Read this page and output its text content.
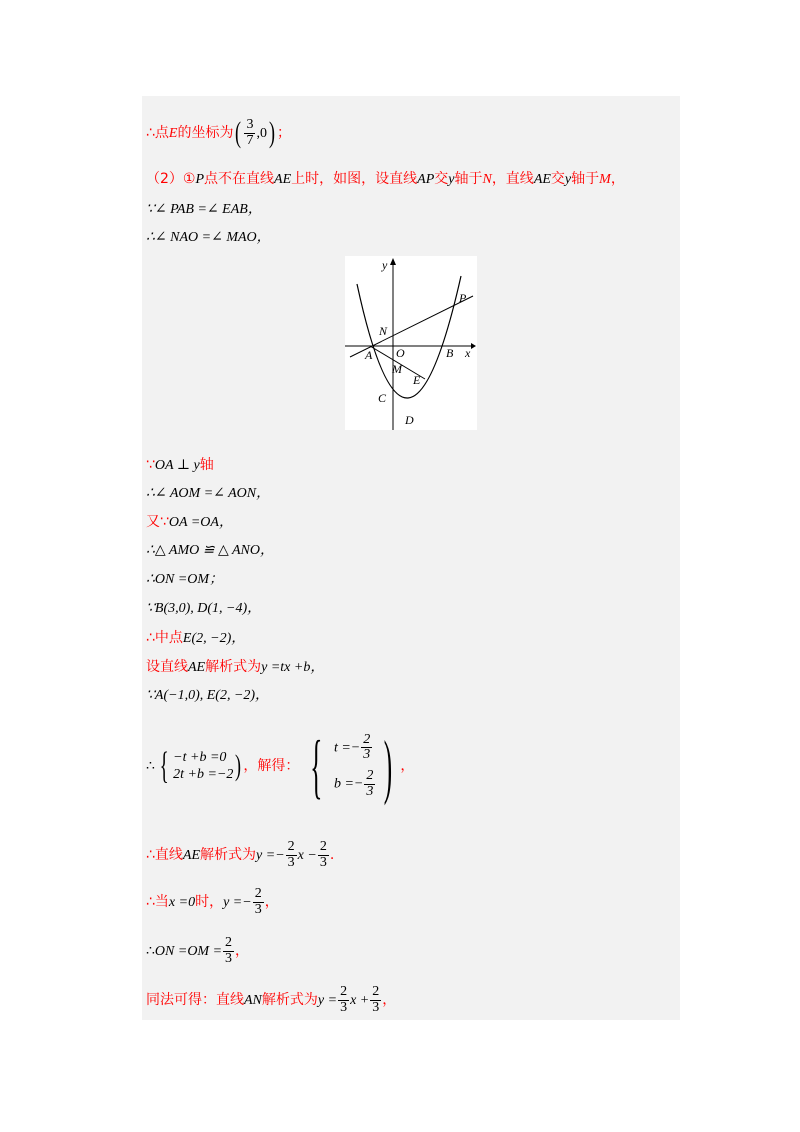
∴点E的坐标为( $\frac{3}{7} ,0$) ；
（2）①P点不在直线AE上时，如图，设直线AP交y轴于N，直线AE交y轴于M，
∵∠ PAB =∠ EAB，
∴∠ NAO =∠ MAO，
y
x
P
N
A O	B
M
E
C
D
∵OA ⊥ y轴
∴∠ AOM =∠ AON，
又∵OA =OA，
∴△ AMO ≌ △ ANO，
∴ON =OM；
∵B(3,0), D(1, −4)，
∴中点E(2, −2)，
设直线AE解析式为y =tx +b，
∵A(−1,0), E(2, −2)，
∴ { −t +b =0
2t +b =−2 ) ，解得： { $t =- \frac{2}{3}$
$b =- \frac{2}{3}$ ) ，
∴直线AE解析式为$y =- \frac{2}{3}$ $x - \frac{2}{3}$ .
∴当x =0时，$y =- \frac{2}{3}$ ，
∴ON $=OM = \frac{2}{3}$ ，
同法可得：直线AN解析式为$y = \frac{2}{3}$ $x + \frac{2}{3}$ ，
